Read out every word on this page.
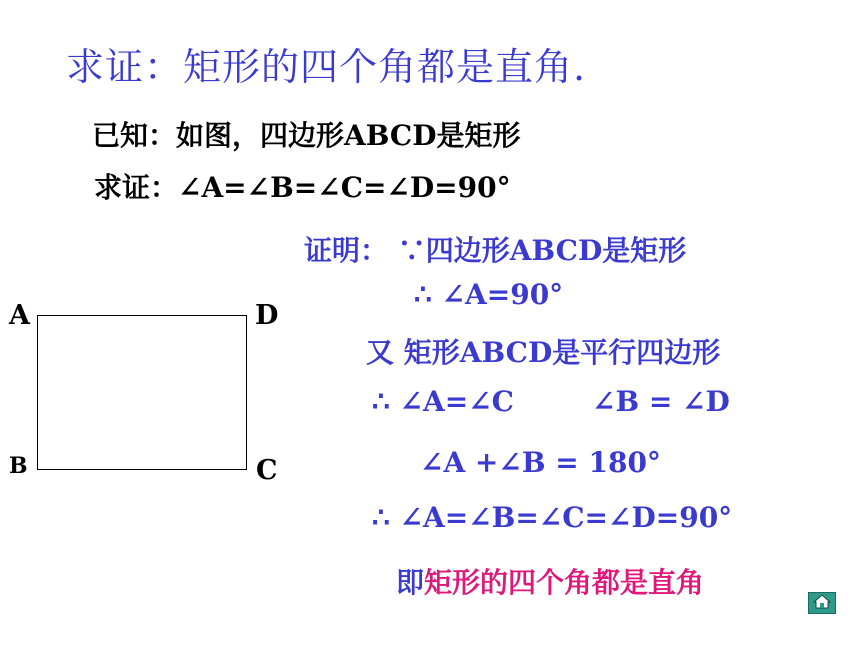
求证：矩形的四个角都是直角.
已知：如图，四边形ABCD是矩形
求证：∠A=∠B=∠C=∠D=90°
A	D
B	C
证明： ∵四边形ABCD是矩形
∴ ∠A=90°
又 矩形ABCD是平行四边形
∴ ∠A=∠C	∠B = ∠D
∠A +∠B = 180°
∴ ∠A=∠B=∠C=∠D=90°
即矩形的四个角都是直角
